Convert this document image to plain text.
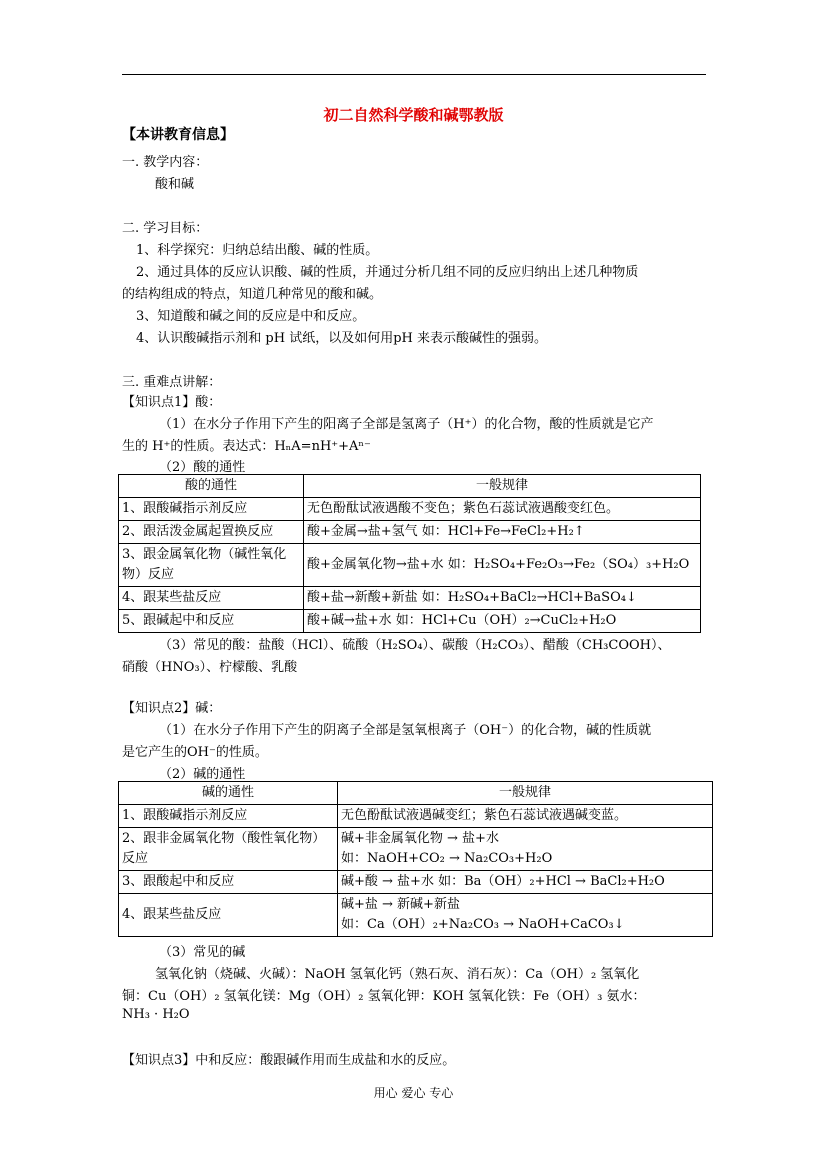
初二自然科学酸和碱鄂教版
【本讲教育信息】
一. 教学内容：
酸和碱
二. 学习目标：
1、科学探究：归纳总结出酸、碱的性质。
2、通过具体的反应认识酸、碱的性质，并通过分析几组不同的反应归纳出上述几种物质
的结构组成的特点，知道几种常见的酸和碱。
3、知道酸和碱之间的反应是中和反应。
4、认识酸碱指示剂和 pH 试纸，以及如何用pH 来表示酸碱性的强弱。
三. 重难点讲解：
【知识点1】酸：
（1）在水分子作用下产生的阳离子全部是氢离子（H⁺）的化合物，酸的性质就是它产
生的 H⁺的性质。表达式：HₙA=nH⁺+Aⁿ⁻
（2）酸的通性
酸的通性	一般规律
1、跟酸碱指示剂反应	无色酚酞试液遇酸不变色；紫色石蕊试液遇酸变红色。
2、跟活泼金属起置换反应	酸+金属→盐+氢气 如：HCl+Fe→FeCl₂+H₂↑
3、跟金属氧化物（碱性氧化物）反应	酸+金属氧化物→盐+水 如：H₂SO₄+Fe₂O₃→Fe₂（SO₄）₃+H₂O
4、跟某些盐反应	酸+盐→新酸+新盐 如：H₂SO₄+BaCl₂→HCl+BaSO₄↓
5、跟碱起中和反应	酸+碱→盐+水 如：HCl+Cu（OH）₂→CuCl₂+H₂O
（3）常见的酸：盐酸（HCl）、硫酸（H₂SO₄）、碳酸（H₂CO₃）、醋酸（CH₃COOH）、
硝酸（HNO₃）、柠檬酸、乳酸
【知识点2】碱：
（1）在水分子作用下产生的阴离子全部是氢氧根离子（OH⁻）的化合物，碱的性质就
是它产生的OH⁻的性质。
（2）碱的通性
碱的通性	一般规律
1、跟酸碱指示剂反应	无色酚酞试液遇碱变红；紫色石蕊试液遇碱变蓝。
2、跟非金属氧化物（酸性氧化物）反应	碱+非金属氧化物 → 盐+水
如：NaOH+CO₂ → Na₂CO₃+H₂O
3、跟酸起中和反应	碱+酸 → 盐+水 如：Ba（OH）₂+HCl → BaCl₂+H₂O
4、跟某些盐反应	碱+盐 → 新碱+新盐
如：Ca（OH）₂+Na₂CO₃ → NaOH+CaCO₃↓
（3）常见的碱
氢氧化钠（烧碱、火碱）：NaOH 氢氧化钙（熟石灰、消石灰）：Ca（OH）₂ 氢氧化
铜：Cu（OH）₂ 氢氧化镁：Mg（OH）₂ 氢氧化钾：KOH 氢氧化铁：Fe（OH）₃ 氨水：
NH₃ · H₂O
【知识点3】中和反应：酸跟碱作用而生成盐和水的反应。
用心 爱心 专心
